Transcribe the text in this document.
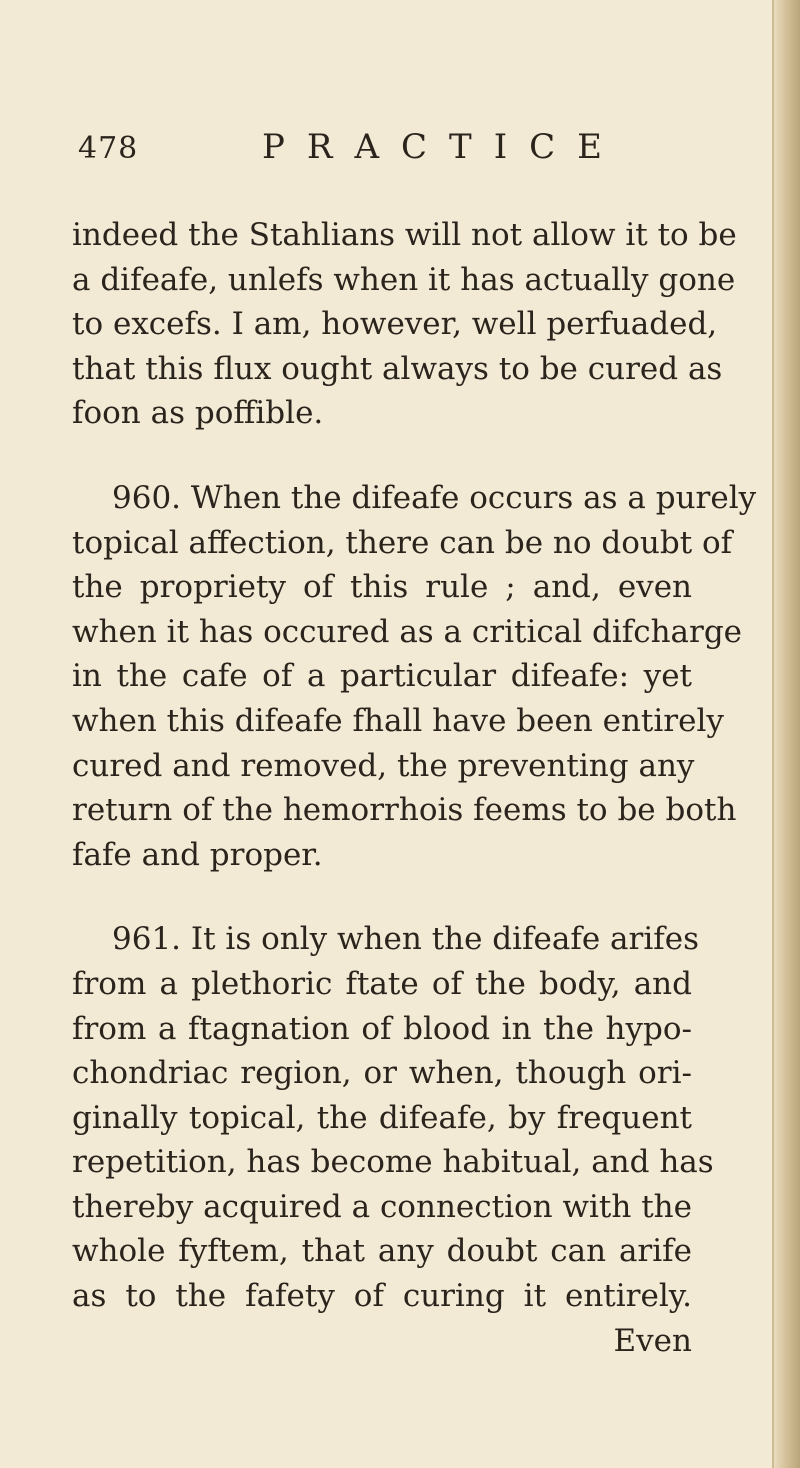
478	PRACTICE
indeed the Stahlians will not allow it to be
a difeafe, unlefs when it has actually gone
to excefs. I am, however, well perfuaded,
that this flux ought always to be cured as
foon as poffible.
960. When the difeafe occurs as a purely
topical affection, there can be no doubt of
the propriety of this rule ; and, even
when it has occured as a critical difcharge
in the cafe of a particular difeafe: yet
when this difeafe fhall have been entirely
cured and removed, the preventing any
return of the hemorrhois feems to be both
fafe and proper.
961. It is only when the difeafe arifes
from a plethoric ftate of the body, and
from a ftagnation of blood in the hypo-
chondriac region, or when, though ori-
ginally topical, the difeafe, by frequent
repetition, has become habitual, and has
thereby acquired a connection with the
whole fyftem, that any doubt can arife
as to the fafety of curing it entirely.
Even
